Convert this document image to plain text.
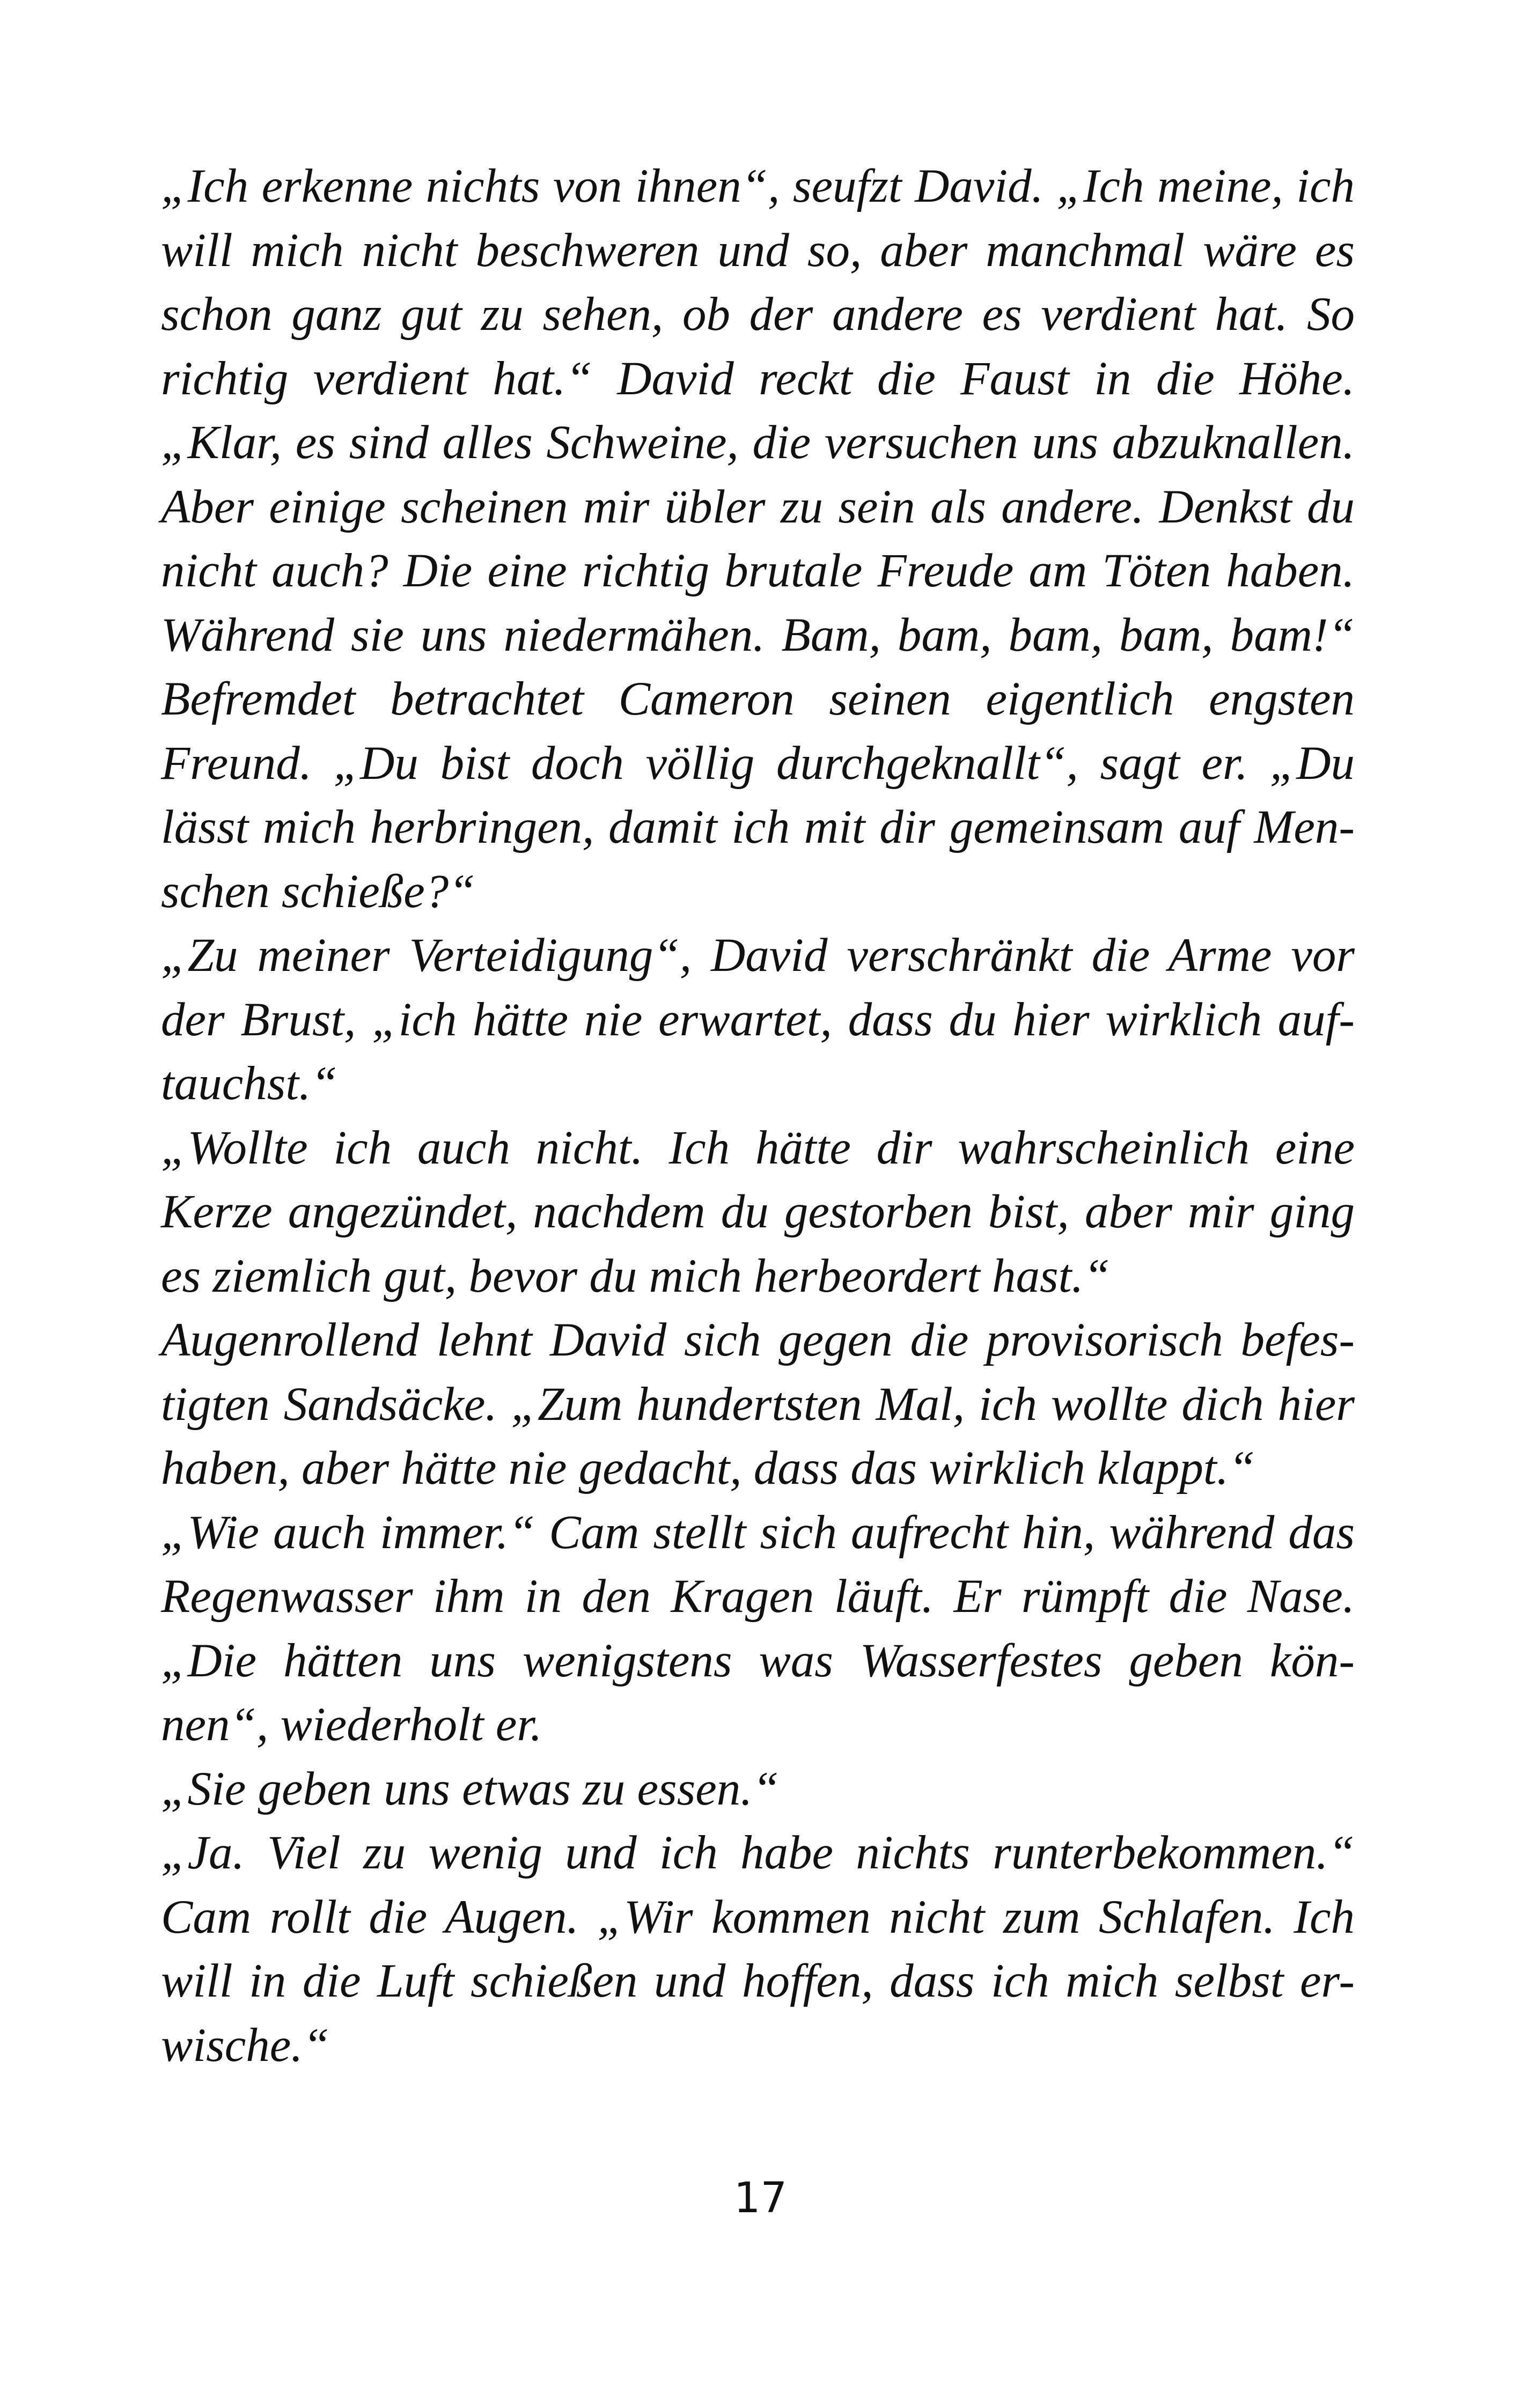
„Ich erkenne nichts von ihnen“, seufzt David. „Ich meine, ich
will mich nicht beschweren und so, aber manchmal wäre es
schon ganz gut zu sehen, ob der andere es verdient hat. So
richtig verdient hat.“ David reckt die Faust in die Höhe.
„Klar, es sind alles Schweine, die versuchen uns abzuknallen.
Aber einige scheinen mir übler zu sein als andere. Denkst du
nicht auch? Die eine richtig brutale Freude am Töten haben.
Während sie uns niedermähen. Bam, bam, bam, bam, bam!“
Befremdet betrachtet Cameron seinen eigentlich engsten
Freund. „Du bist doch völlig durchgeknallt“, sagt er. „Du
lässt mich herbringen, damit ich mit dir gemeinsam auf Men-
schen schieße?“
„Zu meiner Verteidigung“, David verschränkt die Arme vor
der Brust, „ich hätte nie erwartet, dass du hier wirklich auf-
tauchst.“
„Wollte ich auch nicht. Ich hätte dir wahrscheinlich eine
Kerze angezündet, nachdem du gestorben bist, aber mir ging
es ziemlich gut, bevor du mich herbeordert hast.“
Augenrollend lehnt David sich gegen die provisorisch befes-
tigten Sandsäcke. „Zum hundertsten Mal, ich wollte dich hier
haben, aber hätte nie gedacht, dass das wirklich klappt.“
„Wie auch immer.“ Cam stellt sich aufrecht hin, während das
Regenwasser ihm in den Kragen läuft. Er rümpft die Nase.
„Die hätten uns wenigstens was Wasserfestes geben kön-
nen“, wiederholt er.
„Sie geben uns etwas zu essen.“
„Ja. Viel zu wenig und ich habe nichts runterbekommen.“
Cam rollt die Augen. „Wir kommen nicht zum Schlafen. Ich
will in die Luft schießen und hoffen, dass ich mich selbst er-
wische.“
17
